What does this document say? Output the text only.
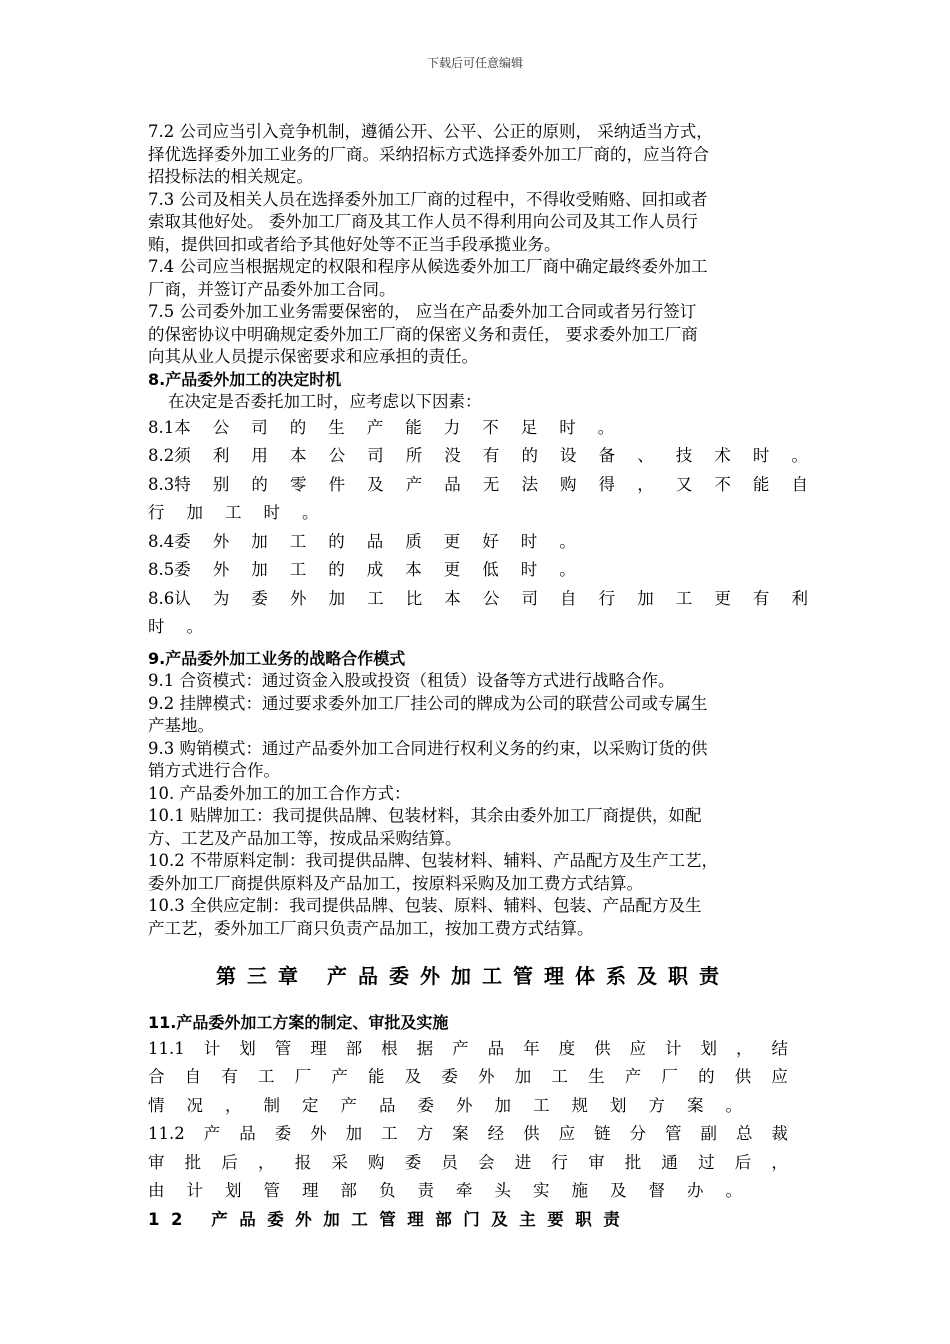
下载后可任意编辑
7.2 公司应当引入竞争机制，遵循公开、公平、公正的原则， 采纳适当方式，
择优选择委外加工业务的厂商。采纳招标方式选择委外加工厂商的，应当符合
招投标法的相关规定。
7.3 公司及相关人员在选择委外加工厂商的过程中，不得收受贿赂、回扣或者
索取其他好处。 委外加工厂商及其工作人员不得利用向公司及其工作人员行
贿，提供回扣或者给予其他好处等不正当手段承揽业务。
7.4 公司应当根据规定的权限和程序从候选委外加工厂商中确定最终委外加工
厂商，并签订产品委外加工合同。
7.5 公司委外加工业务需要保密的， 应当在产品委外加工合同或者另行签订
的保密协议中明确规定委外加工厂商的保密义务和责任， 要求委外加工厂商
向其从业人员提示保密要求和应承担的责任。
8.产品委外加工的决定时机
在决定是否委托加工时，应考虑以下因素：
8.1本 公 司 的 生 产 能 力 不 足 时 。
8.2须 利 用 本 公 司 所 没 有 的 设 备 、 技 术 时 。
8.3特 别 的 零 件 及 产 品 无 法 购 得 ， 又 不 能 自
行 加 工 时 。
8.4委 外 加 工 的 品 质 更 好 时 。
8.5委 外 加 工 的 成 本 更 低 时 。
8.6认 为 委 外 加 工 比 本 公 司 自 行 加 工 更 有 利
时 。
9.产品委外加工业务的战略合作模式
9.1 合资模式：通过资金入股或投资（租赁）设备等方式进行战略合作。
9.2 挂牌模式：通过要求委外加工厂挂公司的牌成为公司的联营公司或专属生
产基地。
9.3 购销模式：通过产品委外加工合同进行权利义务的约束，以采购订货的供
销方式进行合作。
10. 产品委外加工的加工合作方式：
10.1 贴牌加工：我司提供品牌、包装材料，其余由委外加工厂商提供，如配
方、工艺及产品加工等，按成品采购结算。
10.2 不带原料定制：我司提供品牌、包装材料、辅料、产品配方及生产工艺，
委外加工厂商提供原料及产品加工，按原料采购及加工费方式结算。
10.3 全供应定制：我司提供品牌、包装、原料、辅料、包装、产品配方及生
产工艺，委外加工厂商只负责产品加工，按加工费方式结算。
第三章 产品委外加工管理体系及职责
11.产品委外加工方案的制定、审批及实施
11.1 计 划 管 理 部 根 据 产 品 年 度 供 应 计 划 ， 结
合 自 有 工 厂 产 能 及 委 外 加 工 生 产 厂 的 供 应
情 况 ， 制 定 产 品 委 外 加 工 规 划 方 案 。
11.2 产 品 委 外 加 工 方 案 经 供 应 链 分 管 副 总 裁
审 批 后 ， 报 采 购 委 员 会 进 行 审 批 通 过 后 ，
由 计 划 管 理 部 负 责 牵 头 实 施 及 督 办 。
12 产品委外加工管理部门及主要职责
